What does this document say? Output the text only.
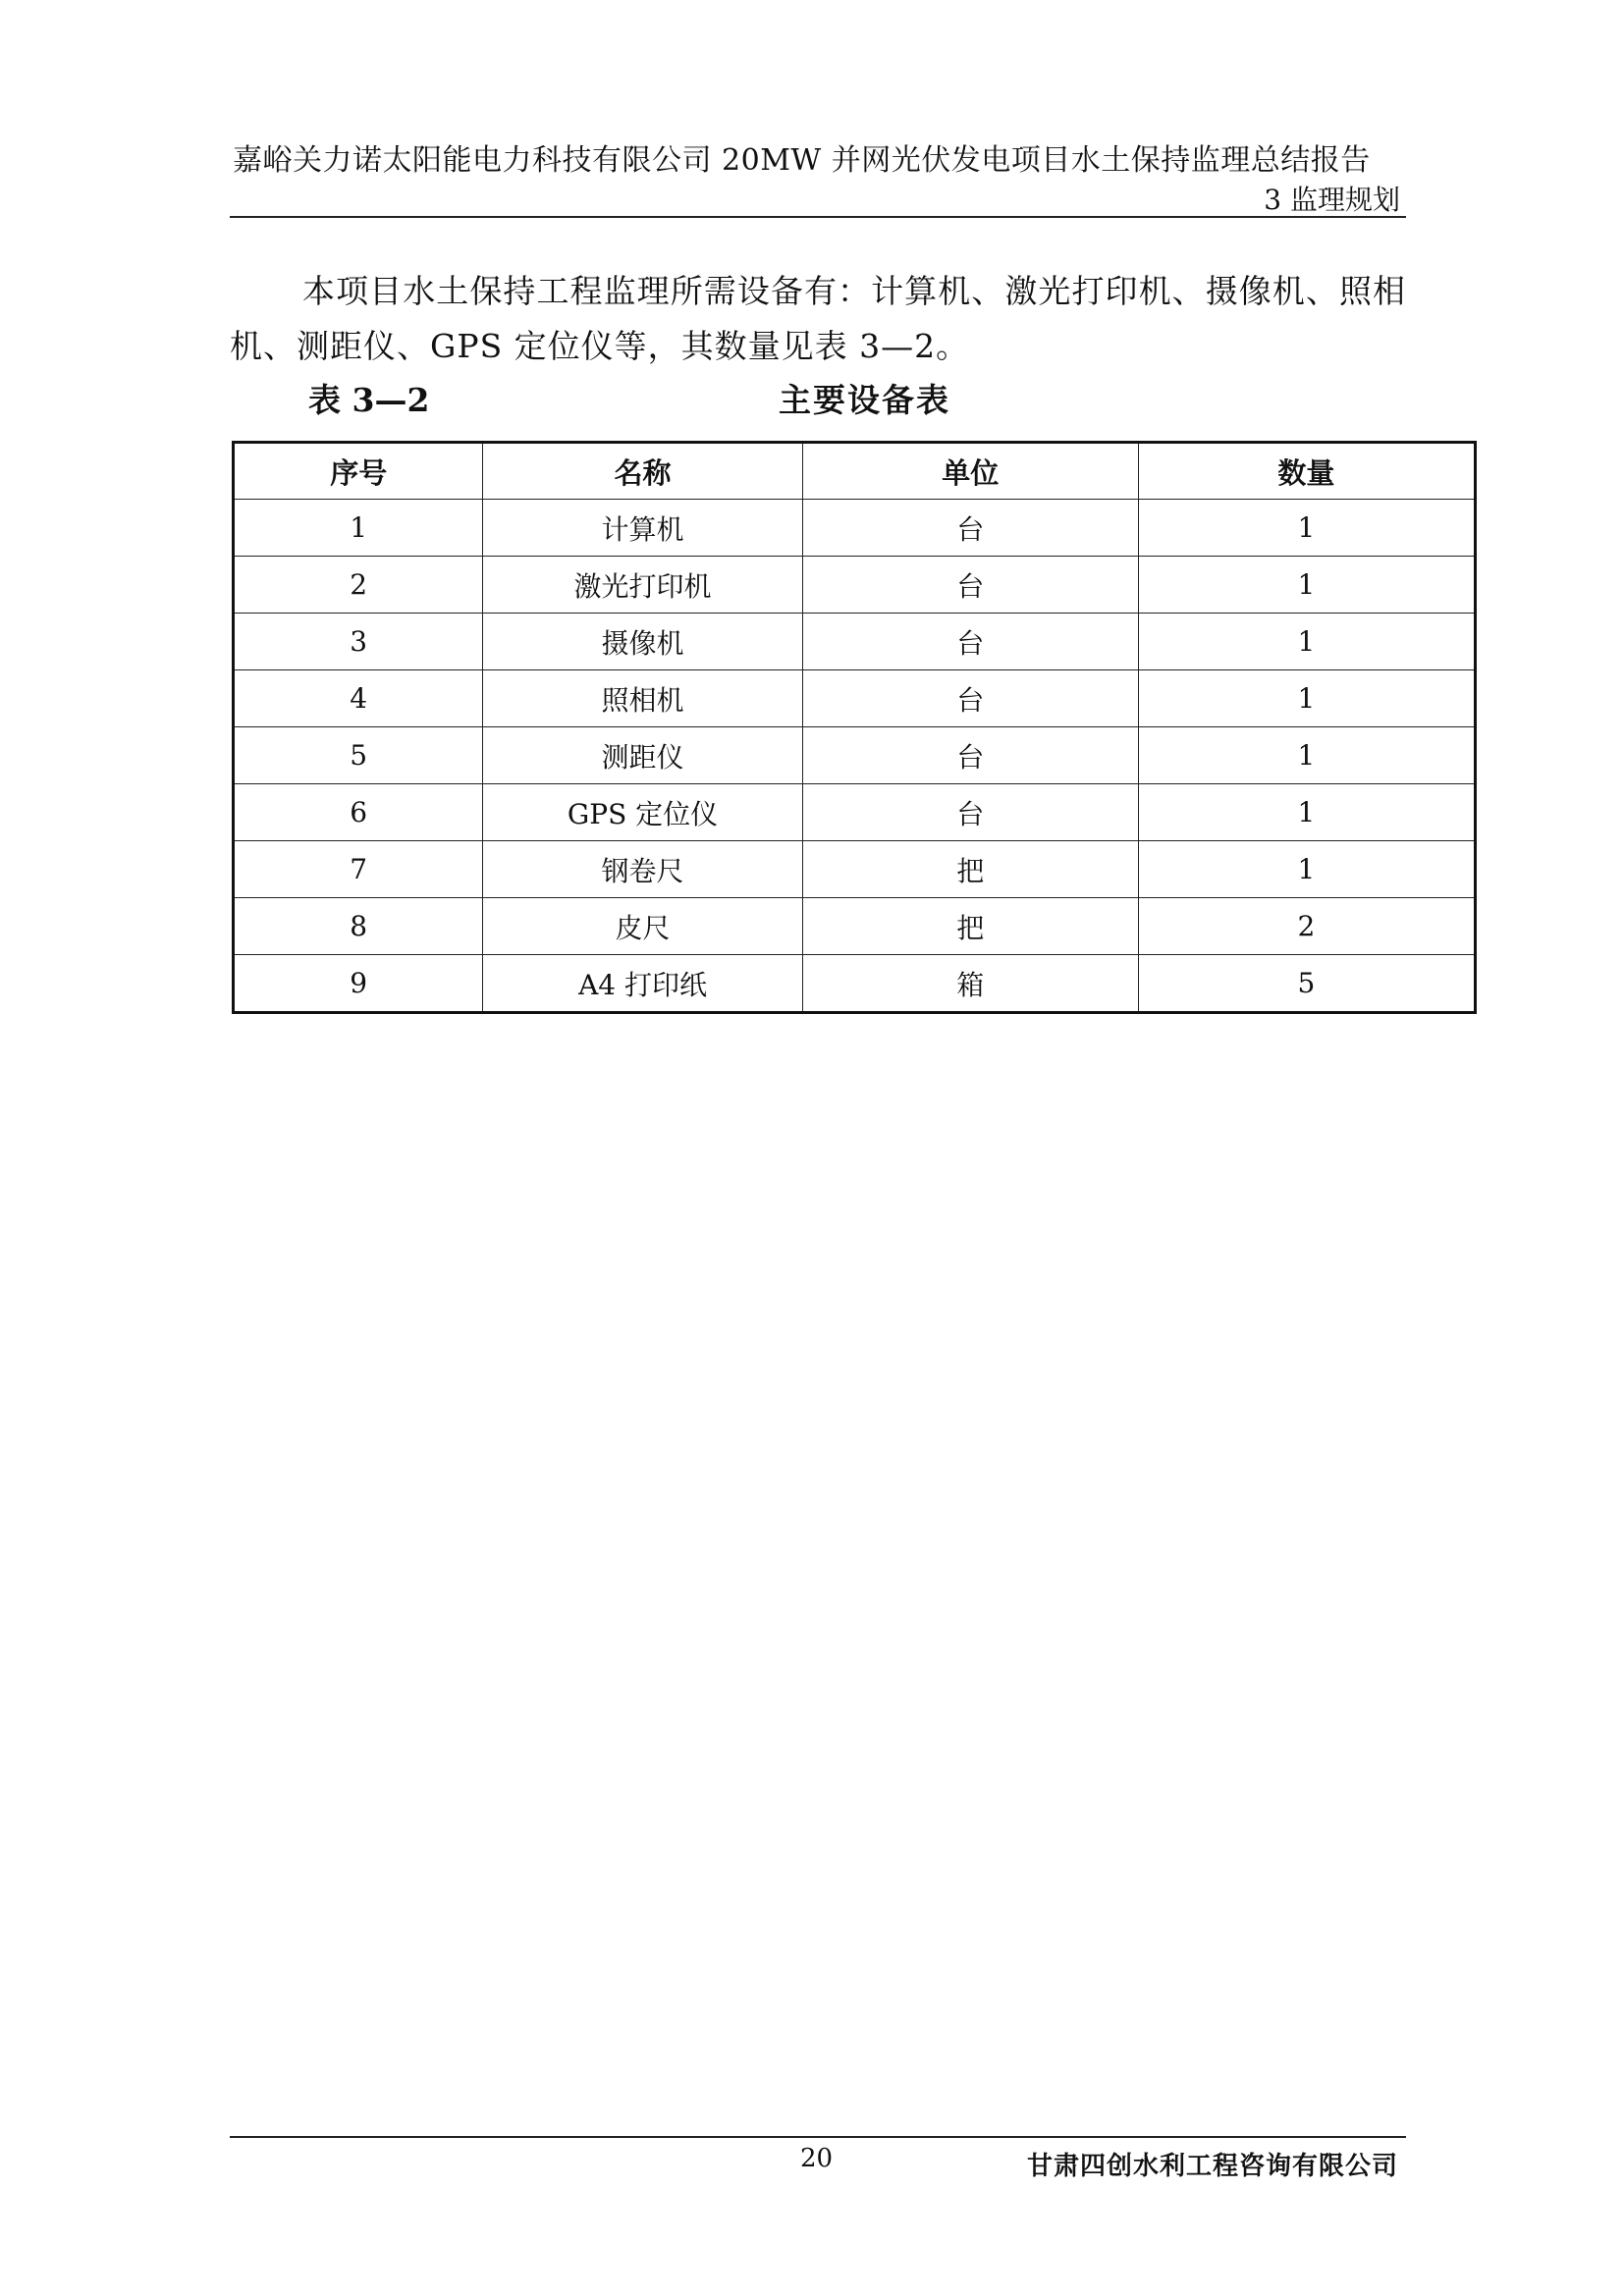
嘉峪关力诺太阳能电力科技有限公司 20MW 并网光伏发电项目水土保持监理总结报告
3 监理规划

本项目水土保持工程监理所需设备有：计算机、激光打印机、摄像机、照相机、测距仪、GPS 定位仪等，其数量见表 3—2。

表 3—2	主要设备表
序号	名称	单位	数量
1	计算机	台	1
2	激光打印机	台	1
3	摄像机	台	1
4	照相机	台	1
5	测距仪	台	1
6	GPS 定位仪	台	1
7	钢卷尺	把	1
8	皮尺	把	2
9	A4 打印纸	箱	5
20	甘肃四创水利工程咨询有限公司
